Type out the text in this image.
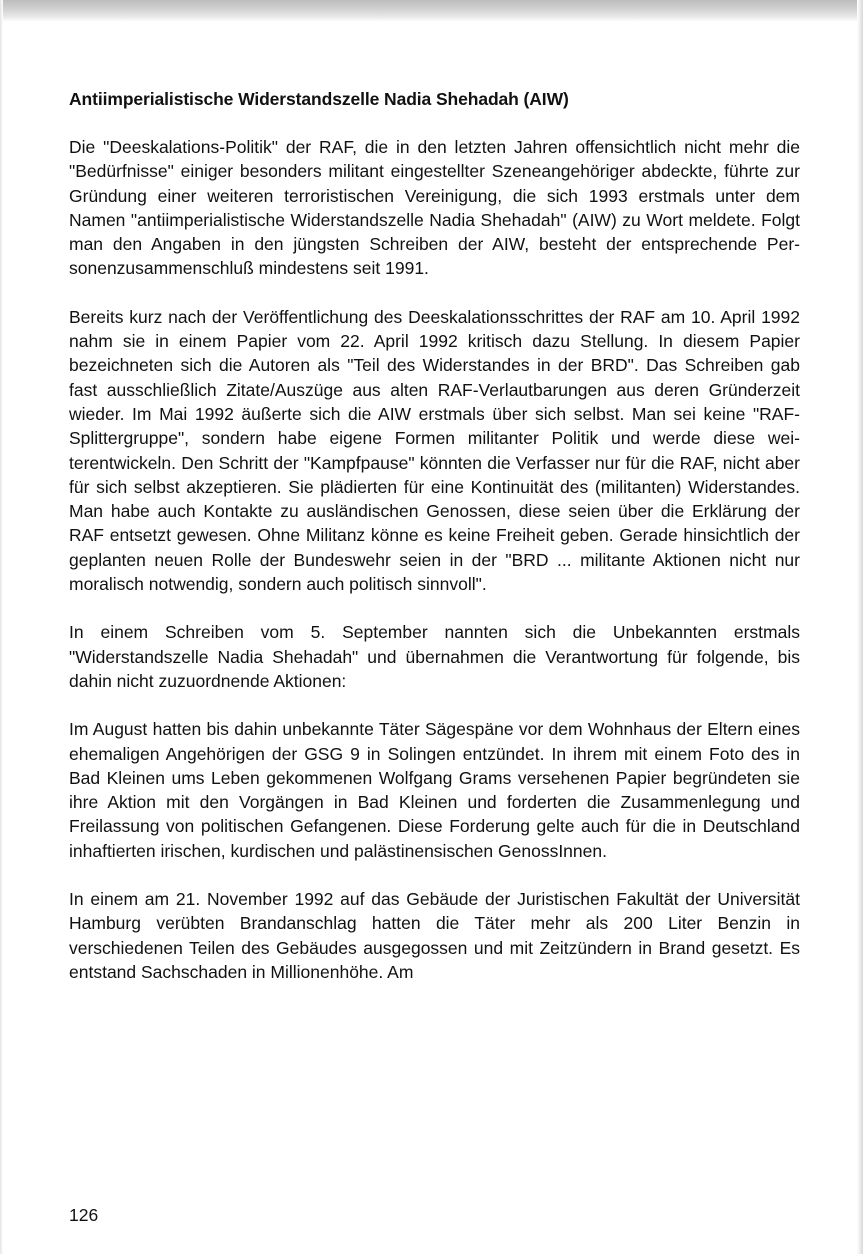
Antiimperialistische Widerstandszelle Nadia Shehadah (AIW)

Die "Deeskalations-Politik" der RAF, die in den letzten Jahren offensichtlich nicht mehr die "Bedürfnisse" einiger besonders militant eingestellter Szeneangehöriger abdeckte, führte zur Gründung einer weiteren terroristischen Vereinigung, die sich 1993 erstmals unter dem Namen "antiimperialistische Widerstandszelle Nadia Shehadah" (AIW) zu Wort meldete. Folgt man den Angaben in den jüngsten Schreiben der AIW, besteht der entsprechende Personenzusammenschluß mindestens seit 1991.

Bereits kurz nach der Veröffentlichung des Deeskalationsschrittes der RAF am 10. April 1992 nahm sie in einem Papier vom 22. April 1992 kritisch dazu Stellung. In diesem Papier bezeichneten sich die Autoren als "Teil des Widerstandes in der BRD". Das Schreiben gab fast ausschließlich Zitate/Auszüge aus alten RAF-Verlautbarungen aus deren Gründerzeit wieder. Im Mai 1992 äußerte sich die AIW erstmals über sich selbst. Man sei keine "RAF-Splittergruppe", sondern habe eigene Formen militanter Politik und werde diese weiterentwickeln. Den Schritt der "Kampfpause" könnten die Verfasser nur für die RAF, nicht aber für sich selbst akzeptieren. Sie plädierten für eine Kontinuität des (militanten) Widerstandes. Man habe auch Kontakte zu ausländischen Genossen, diese seien über die Erklärung der RAF entsetzt gewesen. Ohne Militanz könne es keine Freiheit geben. Gerade hinsichtlich der geplanten neuen Rolle der Bundeswehr seien in der "BRD ... militante Aktionen nicht nur moralisch notwendig, sondern auch politisch sinnvoll".

In einem Schreiben vom 5. September nannten sich die Unbekannten erstmals "Widerstandszelle Nadia Shehadah" und übernahmen die Verantwortung für folgende, bis dahin nicht zuzuordnende Aktionen:

Im August hatten bis dahin unbekannte Täter Sägespäne vor dem Wohnhaus der Eltern eines ehemaligen Angehörigen der GSG 9 in Solingen entzündet. In ihrem mit einem Foto des in Bad Kleinen ums Leben gekommenen Wolfgang Grams versehenen Papier begründeten sie ihre Aktion mit den Vorgängen in Bad Kleinen und forderten die Zusammenlegung und Freilassung von politischen Gefangenen. Diese Forderung gelte auch für die in Deutschland inhaftierten irischen, kurdischen und palästinensischen GenossInnen.

In einem am 21. November 1992 auf das Gebäude der Juristischen Fakultät der Universität Hamburg verübten Brandanschlag hatten die Täter mehr als 200 Liter Benzin in verschiedenen Teilen des Gebäudes ausgegossen und mit Zeitzündern in Brand gesetzt. Es entstand Sachschaden in Millionenhöhe. Am

126
